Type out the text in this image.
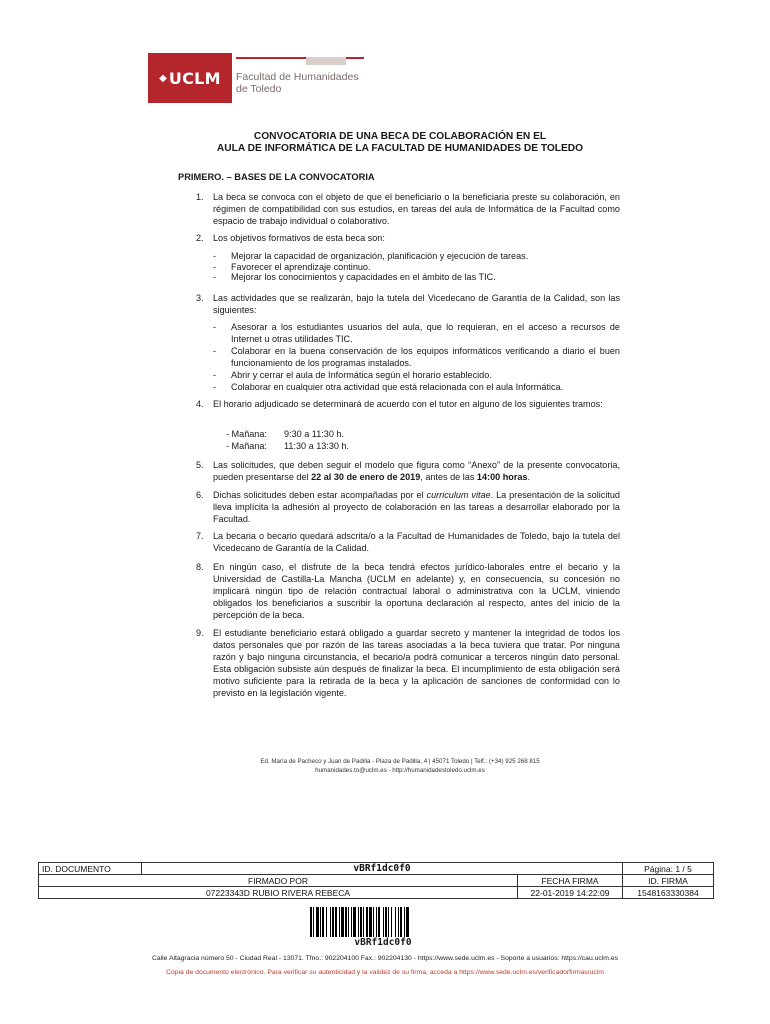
◆ UCLM Facultad de Humanidades
de Toledo
CONVOCATORIA DE UNA BECA DE COLABORACIÓN EN EL
AULA DE INFORMÁTICA DE LA FACULTAD DE HUMANIDADES DE TOLEDO
PRIMERO. – BASES DE LA CONVOCATORIA
1. La beca se convoca con el objeto de que el beneficiario o la beneficiaria preste su colaboración, en régimen de compatibilidad con sus estudios, en tareas del aula de Informática de la Facultad como espacio de trabajo individual o colaborativo.
2. Los objetivos formativos de esta beca son:
- Mejorar la capacidad de organización, planificación y ejecución de tareas.
- Favorecer el aprendizaje continuo.
- Mejorar los conocimientos y capacidades en el ámbito de las TIC.
3. Las actividades que se realizarán, bajo la tutela del Vicedecano de Garantía de la Calidad, son las siguientes:
- Asesorar a los estudiantes usuarios del aula, que lo requieran, en el acceso a recursos de Internet u otras utilidades TIC.
- Colaborar en la buena conservación de los equipos informáticos verificando a diario el buen funcionamiento de los programas instalados.
- Abrir y cerrar el aula de Informática según el horario establecido.
- Colaborar en cualquier otra actividad que está relacionada con el aula Informática.
4. El horario adjudicado se determinará de acuerdo con el tutor en alguno de los siguientes tramos:
- Mañana: 9:30 a 11:30 h.
- Mañana: 11:30 a 13:30 h.
5. Las solicitudes, que deben seguir el modelo que figura como “Anexo” de la presente convocatoria, pueden presentarse del 22 al 30 de enero de 2019, antes de las 14:00 horas.
6. Dichas solicitudes deben estar acompañadas por el curriculum vitae. La presentación de la solicitud lleva implícita la adhesión al proyecto de colaboración en las tareas a desarrollar elaborado por la Facultad.
7. La becaria o becario quedará adscrita/o a la Facultad de Humanidades de Toledo, bajo la tutela del Vicedecano de Garantía de la Calidad.
8. En ningún caso, el disfrute de la beca tendrá efectos jurídico-laborales entre el becario y la Universidad de Castilla-La Mancha (UCLM en adelante) y, en consecuencia, su concesión no implicará ningún tipo de relación contractual laboral o administrativa con la UCLM, viniendo obligados los beneficiarios a suscribir la oportuna declaración al respecto, antes del inicio de la percepción de la beca.
9. El estudiante beneficiario estará obligado a guardar secreto y mantener la integridad de todos los datos personales que por razón de las tareas asociadas a la beca tuviera que tratar. Por ninguna razón y bajo ninguna circunstancia, el becario/a podrá comunicar a terceros ningún dato personal. Esta obligación subsiste aún después de finalizar la beca. El incumplimiento de esta obligación será motivo suficiente para la retirada de la beca y la aplicación de sanciones de conformidad con lo previsto en la legislación vigente.
Ed. María de Pacheco y Juan de Padilla - Plaza de Padilla, 4 | 45071 Toledo | Telf.: (+34) 925 268 815
humanidades.to@uclm.es - http://humanidadestoledo.uclm.es
ID. DOCUMENTO	vBRf1dc0f0		Página: 1 / 5
FIRMADO POR		FECHA FIRMA	ID. FIRMA
07223343D RUBIO RIVERA REBECA		22-01-2019 14:22:09	1548163330384
vBRf1dc0f0
Calle Altagracia número 50 - Ciudad Real - 13071. Tfno.: 902204100 Fax.: 902204130 - https://www.sede.uclm.es - Soporte a usuarios: https://cau.uclm.es
Copia de documento electrónico. Para verificar su autenticidad y la validez de su firma, acceda a https://www.sede.uclm.es/verificadorfirmas/uclm
